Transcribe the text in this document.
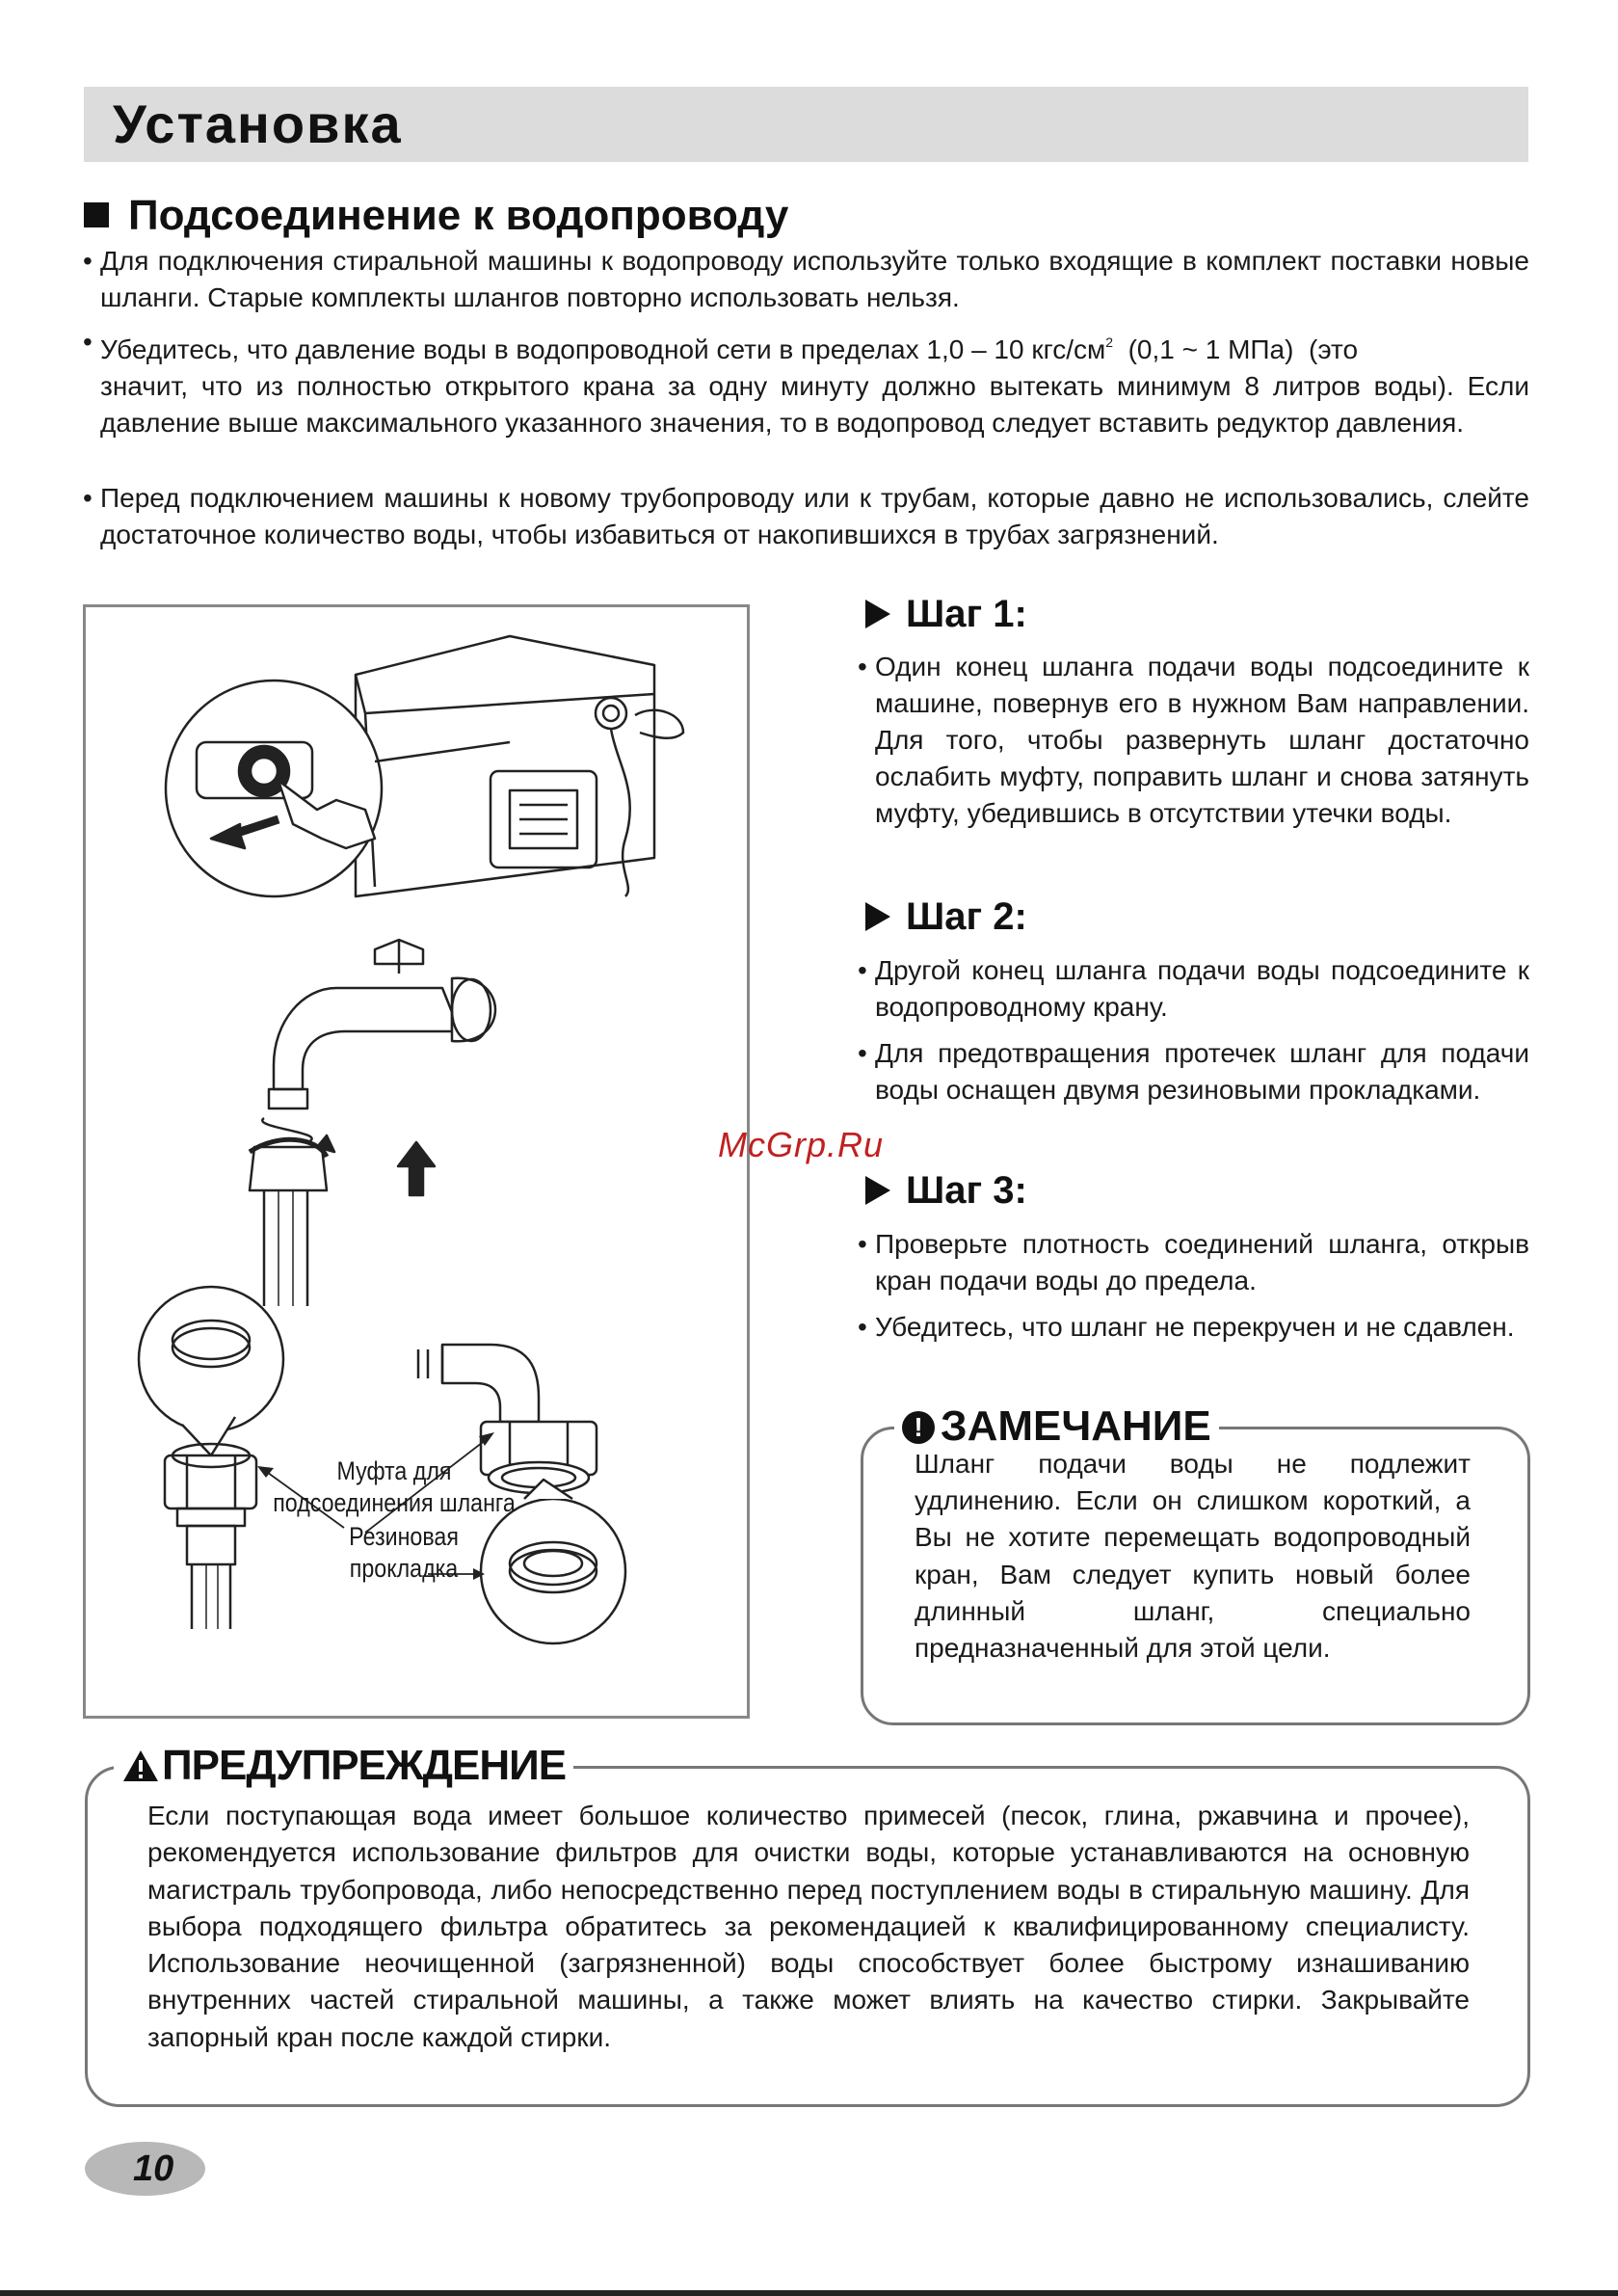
Установка
Подсоединение к водопроводу
• Для подключения стиральной машины к водопроводу используйте только входящие в комплект поставки новые шланги. Старые комплекты шлангов повторно использовать нельзя.
• Убедитесь, что давление воды в водопроводной сети в пределах 1,0 – 10 кгс/$см^2$  (0,1 ~ 1 МПа)  (это
значит, что из полностью открытого крана за одну минуту должно вытекать минимум 8 литров воды). Если давление выше максимального указанного значения, то в водопровод следует вставить редуктор давления.
• Перед подключением машины к новому трубопроводу или к трубам, которые давно не использовались, слейте достаточное количество воды, чтобы избавиться от накопившихся в трубах загрязнений.
Муфта для
подсоединения шланга
Резиновая
прокладка
Шаг 1:
• Один конец шланга подачи воды подсоедините к машине, повернув его в нужном Вам направлении. Для того, чтобы развернуть шланг достаточно ослабить муфту, поправить шланг и снова затянуть муфту, убедившись в отсутствии утечки воды.
Шаг 2:
• Другой конец шланга подачи воды подсоедините к водопроводному крану.
• Для предотвращения протечек шланг для подачи воды оснащен двумя резиновыми прокладками.
McGrp.Ru
Шаг 3:
• Проверьте плотность соединений шланга, открыв кран подачи воды до предела.
• Убедитесь, что шланг не перекручен и не сдавлен.
! ЗАМЕЧАНИЕ
Шланг подачи воды не подлежит удлинению. Если он слишком короткий, а Вы не хотите перемещать водопроводный кран, Вам следует купить новый более длинный шланг, специально предназначенный для этой цели.
ПРЕДУПРЕЖДЕНИЕ
Если поступающая вода имеет большое количество примесей (песок, глина, ржавчина и прочее), рекомендуется использование фильтров для очистки воды, которые устанавливаются на основную магистраль трубопровода, либо непосредственно перед поступлением воды в стиральную машину. Для выбора подходящего фильтра обратитесь за рекомендацией к квалифицированному специалисту. Использование неочищенной (загрязненной) воды способствует более быстрому изнашиванию внутренних частей стиральной машины, а также может влиять на качество стирки. Закрывайте запорный кран после каждой стирки.
10
